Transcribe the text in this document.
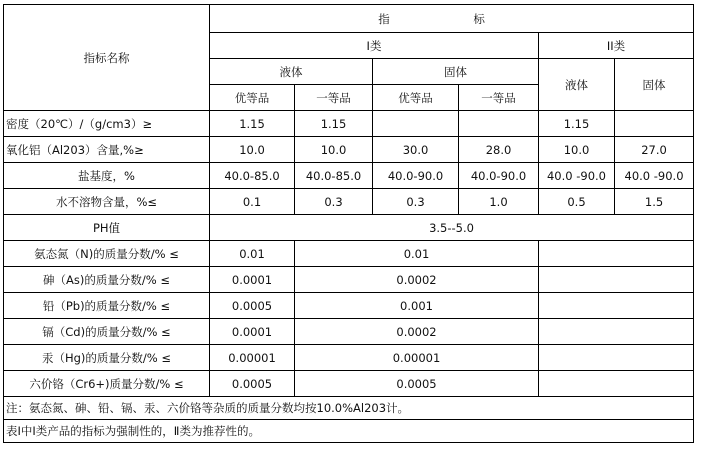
指标名称	指 标					
	I类				II类	
	液体		固体		液体	固体
	优等品	一等品	优等品	一等品		
密度（20℃）/（g/cm3）≥	1.15	1.15			1.15	
氧化铝（Al203）含量,%≥	10.0	10.0	30.0	28.0	10.0	27.0
盐基度，%	40.0-85.0	40.0-85.0	40.0-90.0	40.0-90.0	40.0 -90.0	40.0 -90.0
水不溶物含量，%≤	0.1	0.3	0.3	1.0	0.5	1.5
PH值	3.5--5.0					
氨态氮（N)的质量分数/% ≤	0.01	0.01				
砷（As)的质量分数/% ≤	0.0001	0.0002				
铅（Pb)的质量分数/% ≤	0.0005	0.001				
镉（Cd)的质量分数/% ≤	0.0001	0.0002				
汞（Hg)的质量分数/% ≤	0.00001	0.00001				
六价铬（Cr6+)质量分数/% ≤	0.0005	0.0005				
注：氨态氮、砷、铅、镉、汞、六价铬等杂质的质量分数均按10.0%Al203计。						
表Ⅰ中Ⅰ类产品的指标为强制性的，Ⅱ类为推荐性的。						
